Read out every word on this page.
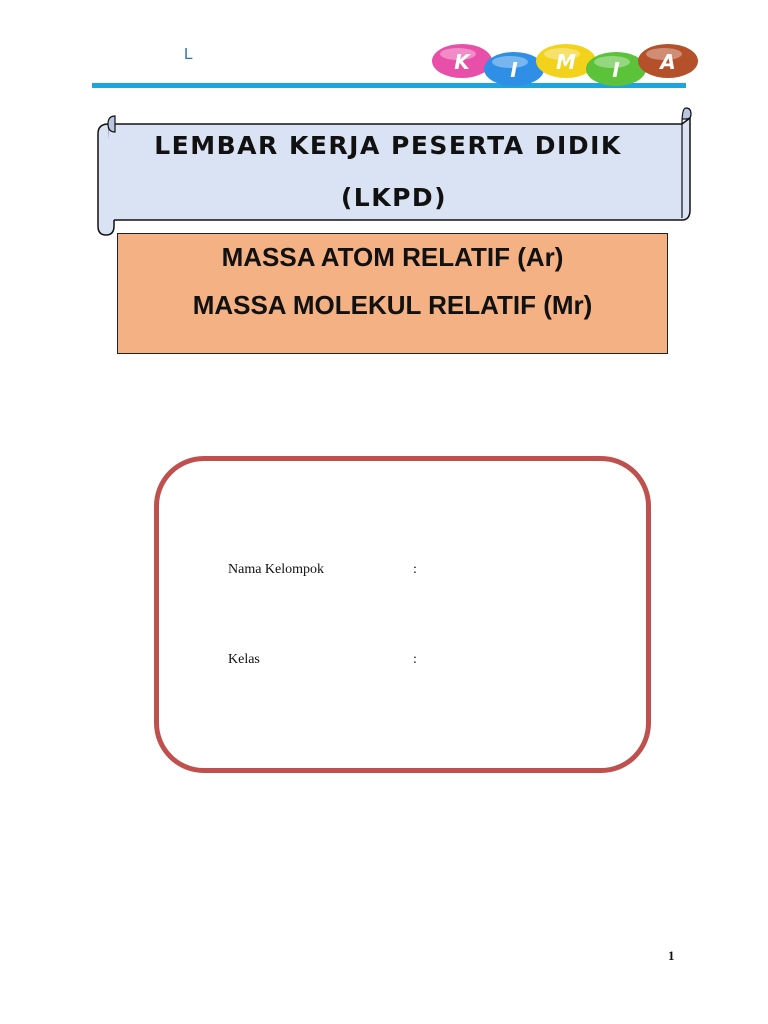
L	K I M I A
LEMBAR KERJA PESERTA DIDIK
(LKPD)
MASSA ATOM RELATIF (Ar)
MASSA MOLEKUL RELATIF (Mr)
Nama Kelompok	:
Kelas	:
1
